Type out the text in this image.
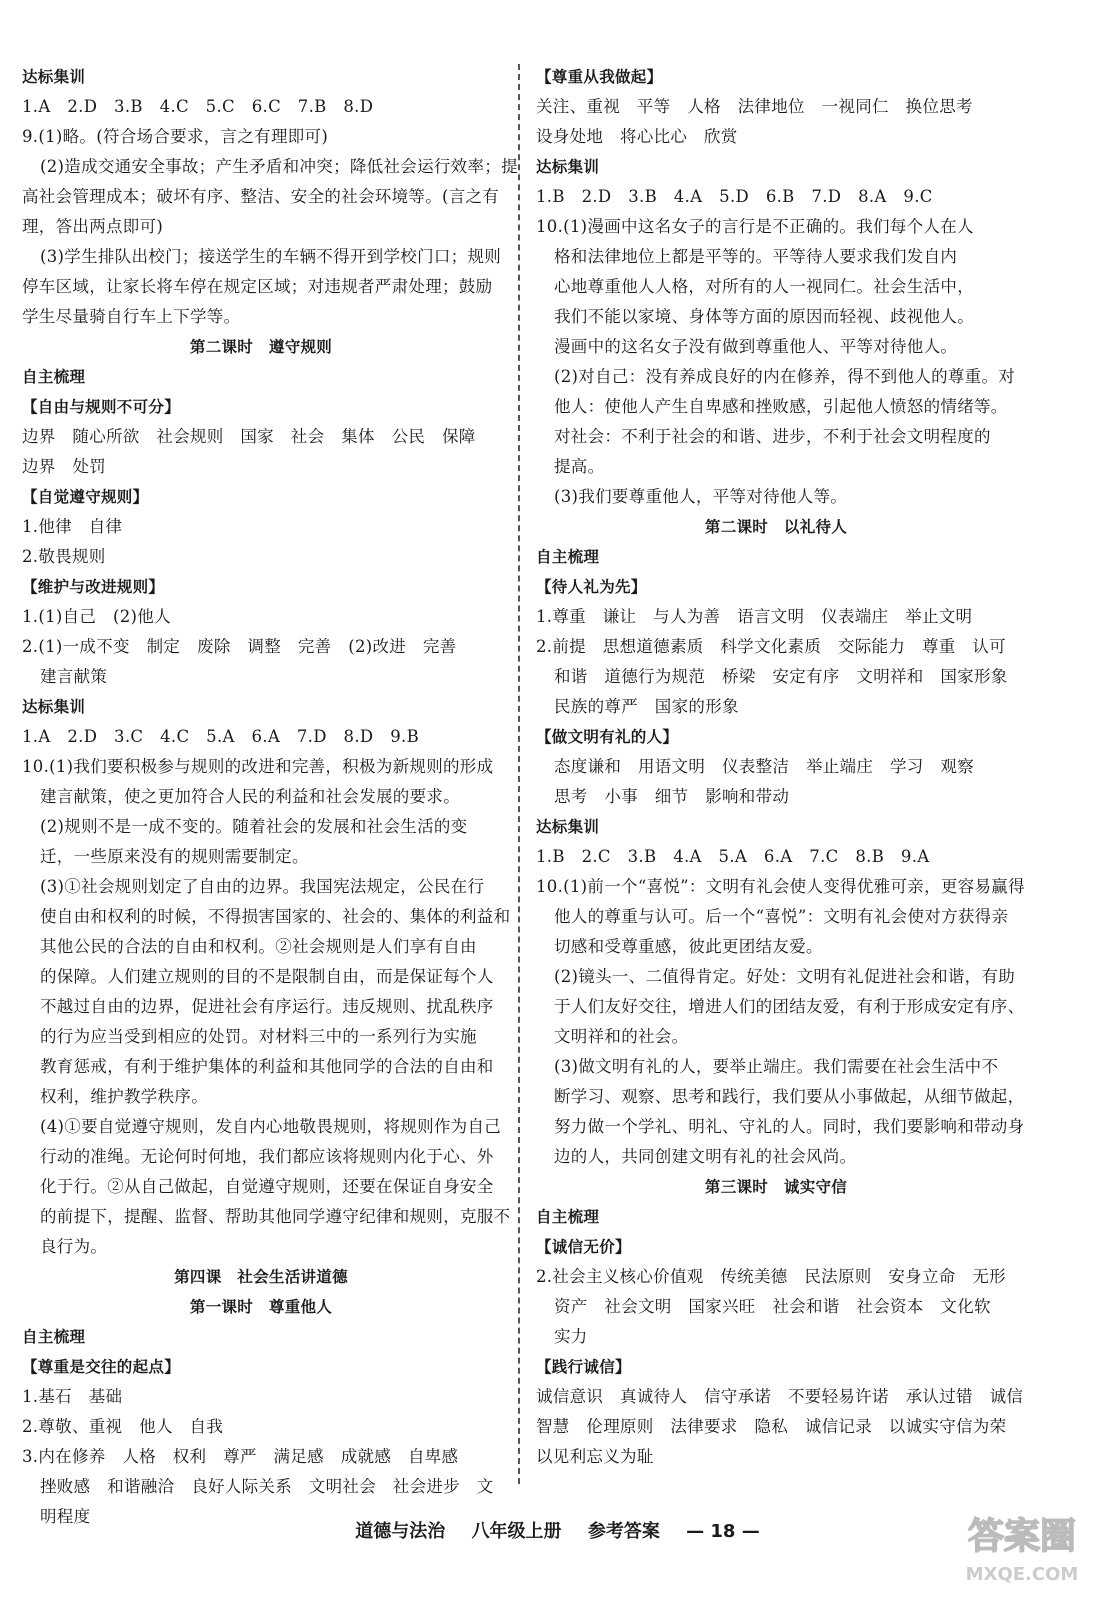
达标集训
1.A　2.D　3.B　4.C　5.C　6.C　7.B　8.D
9.(1)略。(符合场合要求，言之有理即可)
(2)造成交通安全事故；产生矛盾和冲突；降低社会运行效率；提
高社会管理成本；破坏有序、整洁、安全的社会环境等。(言之有
理，答出两点即可)
(3)学生排队出校门；接送学生的车辆不得开到学校门口；规则
停车区域，让家长将车停在规定区域；对违规者严肃处理；鼓励
学生尽量骑自行车上下学等。
第二课时　遵守规则
自主梳理
【自由与规则不可分】
边界　随心所欲　社会规则　国家　社会　集体　公民　保障
边界　处罚
【自觉遵守规则】
1.他律　自律
2.敬畏规则
【维护与改进规则】
1.(1)自己　(2)他人
2.(1)一成不变　制定　废除　调整　完善　(2)改进　完善
建言献策
达标集训
1.A　2.D　3.C　4.C　5.A　6.A　7.D　8.D　9.B
10.(1)我们要积极参与规则的改进和完善，积极为新规则的形成
建言献策，使之更加符合人民的利益和社会发展的要求。
(2)规则不是一成不变的。随着社会的发展和社会生活的变
迁，一些原来没有的规则需要制定。
(3)①社会规则划定了自由的边界。我国宪法规定，公民在行
使自由和权利的时候，不得损害国家的、社会的、集体的利益和
其他公民的合法的自由和权利。②社会规则是人们享有自由
的保障。人们建立规则的目的不是限制自由，而是保证每个人
不越过自由的边界，促进社会有序运行。违反规则、扰乱秩序
的行为应当受到相应的处罚。对材料三中的一系列行为实施
教育惩戒，有利于维护集体的利益和其他同学的合法的自由和
权利，维护教学秩序。
(4)①要自觉遵守规则，发自内心地敬畏规则，将规则作为自己
行动的准绳。无论何时何地，我们都应该将规则内化于心、外
化于行。②从自己做起，自觉遵守规则，还要在保证自身安全
的前提下，提醒、监督、帮助其他同学遵守纪律和规则，克服不
良行为。
第四课　社会生活讲道德
第一课时　尊重他人
自主梳理
【尊重是交往的起点】
1.基石　基础
2.尊敬、重视　他人　自我
3.内在修养　人格　权利　尊严　满足感　成就感　自卑感
挫败感　和谐融洽　良好人际关系　文明社会　社会进步　文
明程度
【尊重从我做起】
关注、重视　平等　人格　法律地位　一视同仁　换位思考
设身处地　将心比心　欣赏
达标集训
1.B　2.D　3.B　4.A　5.D　6.B　7.D　8.A　9.C
10.(1)漫画中这名女子的言行是不正确的。我们每个人在人
格和法律地位上都是平等的。平等待人要求我们发自内
心地尊重他人人格，对所有的人一视同仁。社会生活中，
我们不能以家境、身体等方面的原因而轻视、歧视他人。
漫画中的这名女子没有做到尊重他人、平等对待他人。
(2)对自己：没有养成良好的内在修养，得不到他人的尊重。对
他人：使他人产生自卑感和挫败感，引起他人愤怒的情绪等。
对社会：不利于社会的和谐、进步，不利于社会文明程度的
提高。
(3)我们要尊重他人，平等对待他人等。
第二课时　以礼待人
自主梳理
【待人礼为先】
1.尊重　谦让　与人为善　语言文明　仪表端庄　举止文明
2.前提　思想道德素质　科学文化素质　交际能力　尊重　认可
和谐　道德行为规范　桥梁　安定有序　文明祥和　国家形象
民族的尊严　国家的形象
【做文明有礼的人】
态度谦和　用语文明　仪表整洁　举止端庄　学习　观察
思考　小事　细节　影响和带动
达标集训
1.B　2.C　3.B　4.A　5.A　6.A　7.C　8.B　9.A
10.(1)前一个“喜悦”：文明有礼会使人变得优雅可亲，更容易赢得
他人的尊重与认可。后一个“喜悦”：文明有礼会使对方获得亲
切感和受尊重感，彼此更团结友爱。
(2)镜头一、二值得肯定。好处：文明有礼促进社会和谐，有助
于人们友好交往，增进人们的团结友爱，有利于形成安定有序、
文明祥和的社会。
(3)做文明有礼的人，要举止端庄。我们需要在社会生活中不
断学习、观察、思考和践行，我们要从小事做起，从细节做起，
努力做一个学礼、明礼、守礼的人。同时，我们要影响和带动身
边的人，共同创建文明有礼的社会风尚。
第三课时　诚实守信
自主梳理
【诚信无价】
2.社会主义核心价值观　传统美德　民法原则　安身立命　无形
资产　社会文明　国家兴旺　社会和谐　社会资本　文化软
实力
【践行诚信】
诚信意识　真诚待人　信守承诺　不要轻易许诺　承认过错　诚信
智慧　伦理原则　法律要求　隐私　诚信记录　以诚实守信为荣
以见利忘义为耻
道德与法治 八年级上册 参考答案 — 18 —	答案圈
MXQE.COM
